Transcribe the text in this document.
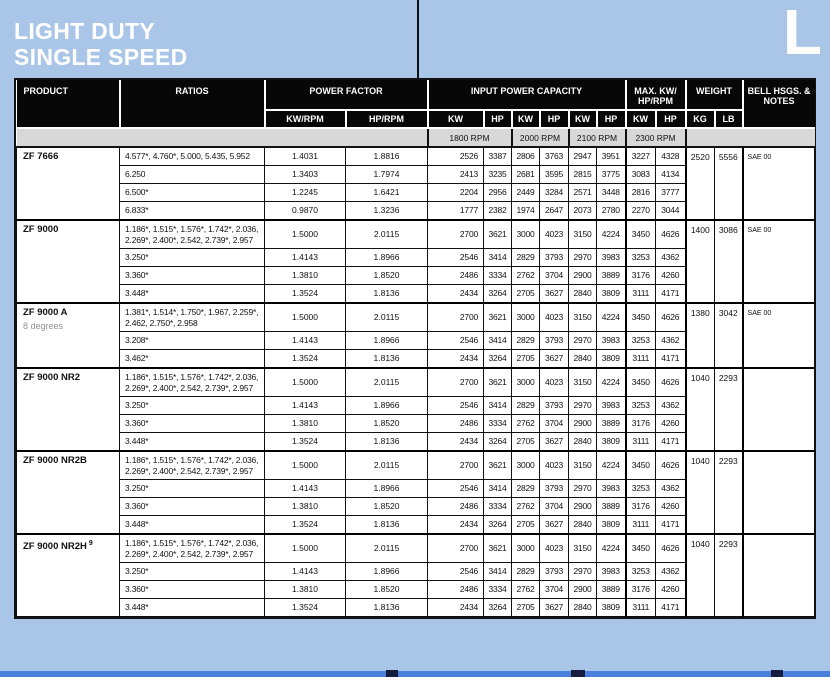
LIGHT DUTY
SINGLE SPEED	L
PRODUCT	RATIOS	POWER FACTOR		INPUT POWER CAPACITY						MAX. KW/ HP/RPM		WEIGHT		BELL HSGS. & NOTES
		KW/RPM	HP/RPM	KW	HP	KW	HP	KW	HP	KW	HP	KG	LB	
				1800 RPM		2000 RPM		2100 RPM		2300 RPM				

ZF 7666	4.577*, 4.760*, 5.000, 5.435, 5.952	1.4031	1.8816	2526	3387	2806	3763	2947	3951	3227	4328	2520	5556	SAE 00
	6.250	1.3403	1.7974	2413	3235	2681	3595	2815	3775	3083	4134			
	6.500*	1.2245	1.6421	2204	2956	2449	3284	2571	3448	2816	3777			
	6.833*	0.9870	1.3236	1777	2382	1974	2647	2073	2780	2270	3044			

ZF 9000	1.186*, 1.515*, 1.576*, 1.742*, 2.036, 2.269*, 2.400*, 2.542, 2.739*, 2.957	1.5000	2.0115	2700	3621	3000	4023	3150	4224	3450	4626	1400	3086	SAE 00
	3.250*	1.4143	1.8966	2546	3414	2829	3793	2970	3983	3253	4362			
	3.360*	1.3810	1.8520	2486	3334	2762	3704	2900	3889	3176	4260			
	3.448*	1.3524	1.8136	2434	3264	2705	3627	2840	3809	3111	4171			

ZF 9000 A
8 degrees	1.381*, 1.514*, 1.750*, 1.967, 2.259*, 2.462, 2.750*, 2.958	1.5000	2.0115	2700	3621	3000	4023	3150	4224	3450	4626	1380	3042	SAE 00
	3.208*	1.4143	1.8966	2546	3414	2829	3793	2970	3983	3253	4362			
	3.462*	1.3524	1.8136	2434	3264	2705	3627	2840	3809	3111	4171			

ZF 9000 NR2	1.186*, 1.515*, 1.576*, 1.742*, 2.036, 2.269*, 2.400*, 2.542, 2.739*, 2.957	1.5000	2.0115	2700	3621	3000	4023	3150	4224	3450	4626	1040	2293	
	3.250*	1.4143	1.8966	2546	3414	2829	3793	2970	3983	3253	4362			
	3.360*	1.3810	1.8520	2486	3334	2762	3704	2900	3889	3176	4260			
	3.448*	1.3524	1.8136	2434	3264	2705	3627	2840	3809	3111	4171			

ZF 9000 NR2B	1.186*, 1.515*, 1.576*, 1.742*, 2.036, 2.269*, 2.400*, 2.542, 2.739*, 2.957	1.5000	2.0115	2700	3621	3000	4023	3150	4224	3450	4626	1040	2293	
	3.250*	1.4143	1.8966	2546	3414	2829	3793	2970	3983	3253	4362			
	3.360*	1.3810	1.8520	2486	3334	2762	3704	2900	3889	3176	4260			
	3.448*	1.3524	1.8136	2434	3264	2705	3627	2840	3809	3111	4171			

ZF 9000 NR2H $^9$	1.186*, 1.515*, 1.576*, 1.742*, 2.036, 2.269*, 2.400*, 2.542, 2.739*, 2.957	1.5000	2.0115	2700	3621	3000	4023	3150	4224	3450	4626	1040	2293	
	3.250*	1.4143	1.8966	2546	3414	2829	3793	2970	3983	3253	4362			
	3.360*	1.3810	1.8520	2486	3334	2762	3704	2900	3889	3176	4260			
	3.448*	1.3524	1.8136	2434	3264	2705	3627	2840	3809	3111	4171			
